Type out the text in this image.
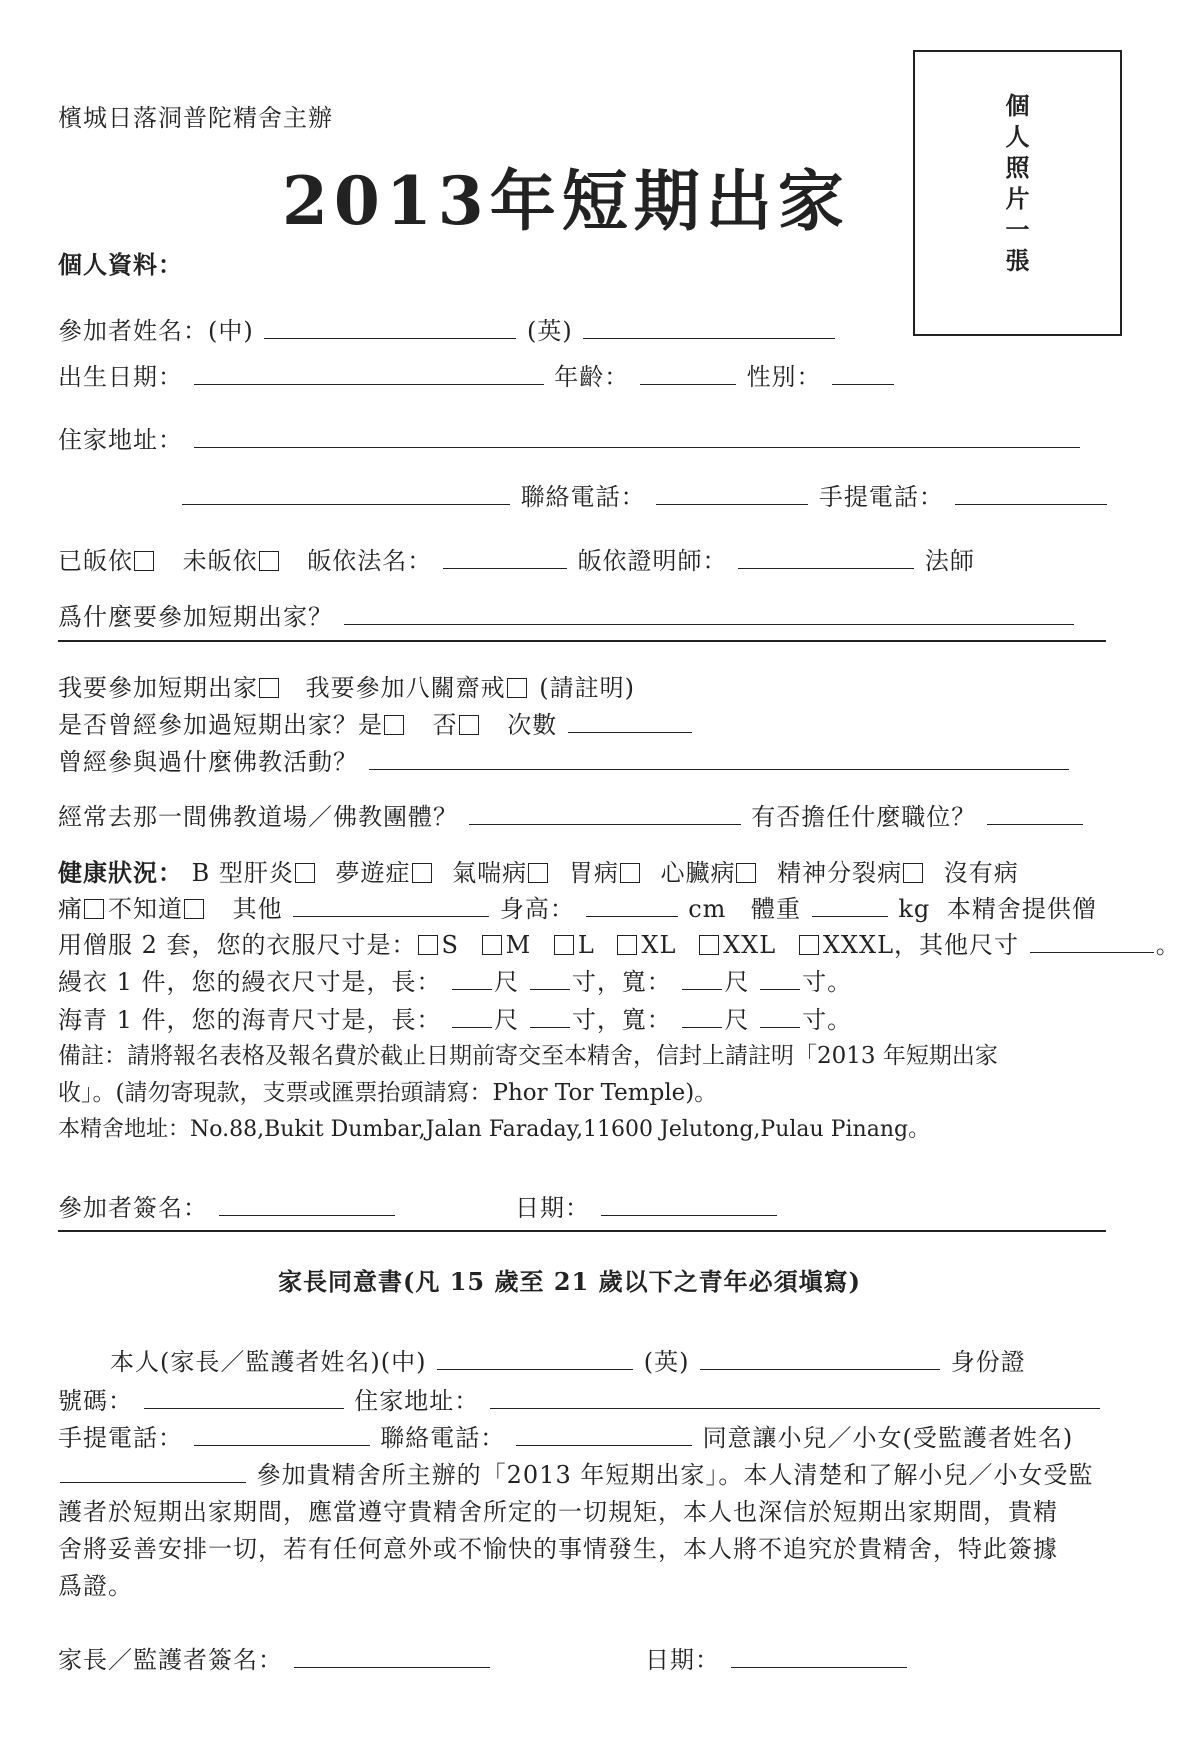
檳城日落洞普陀精舍主辦
2013年短期出家
個
人
照
片
一
張
個人資料：
參加者姓名：(中)	(英)
出生日期：	年齡：	性別：
住家地址：
聯絡電話：	手提電話：
已皈依 未皈依 皈依法名：	皈依證明師：	法師
爲什麼要參加短期出家？
我要參加短期出家 我要參加八關齋戒 (請註明)
是否曾經參加過短期出家？是 否 次數
曾經參與過什麼佛教活動？
經常去那一間佛教道場／佛教團體？	有否擔任什麼職位？
健康狀況： B 型肝炎 夢遊症 氣喘病 胃病 心臟病 精神分裂病 沒有病
痛 不知道 其他	身高：	cm 體重	kg 本精舍提供僧
用僧服 2 套，您的衣服尺寸是： S M L XL XXL XXXL，其他尺寸	。
縵衣 1 件，您的縵衣尺寸是，長： 尺 寸，寬： 尺 寸。
海青 1 件，您的海青尺寸是，長： 尺 寸，寬： 尺 寸。
備註：請將報名表格及報名費於截止日期前寄交至本精舍，信封上請註明「2013 年短期出家
收」。(請勿寄現款，支票或匯票抬頭請寫：Phor Tor Temple)。
本精舍地址：No.88,Bukit Dumbar,Jalan Faraday,11600 Jelutong,Pulau Pinang。
參加者簽名：	日期：
家長同意書(凡 15 歲至 21 歲以下之青年必須塡寫)
本人(家長／監護者姓名)(中)	(英)	身份證
號碼：	住家地址：
手提電話：	聯絡電話：	同意讓小兒／小女(受監護者姓名)
參加貴精舍所主辦的「2013 年短期出家」。本人清楚和了解小兒／小女受監
護者於短期出家期間，應當遵守貴精舍所定的一切規矩，本人也深信於短期出家期間，貴精
舍將妥善安排一切，若有任何意外或不愉快的事情發生，本人將不追究於貴精舍，特此簽據
爲證。
家長／監護者簽名：	日期：
